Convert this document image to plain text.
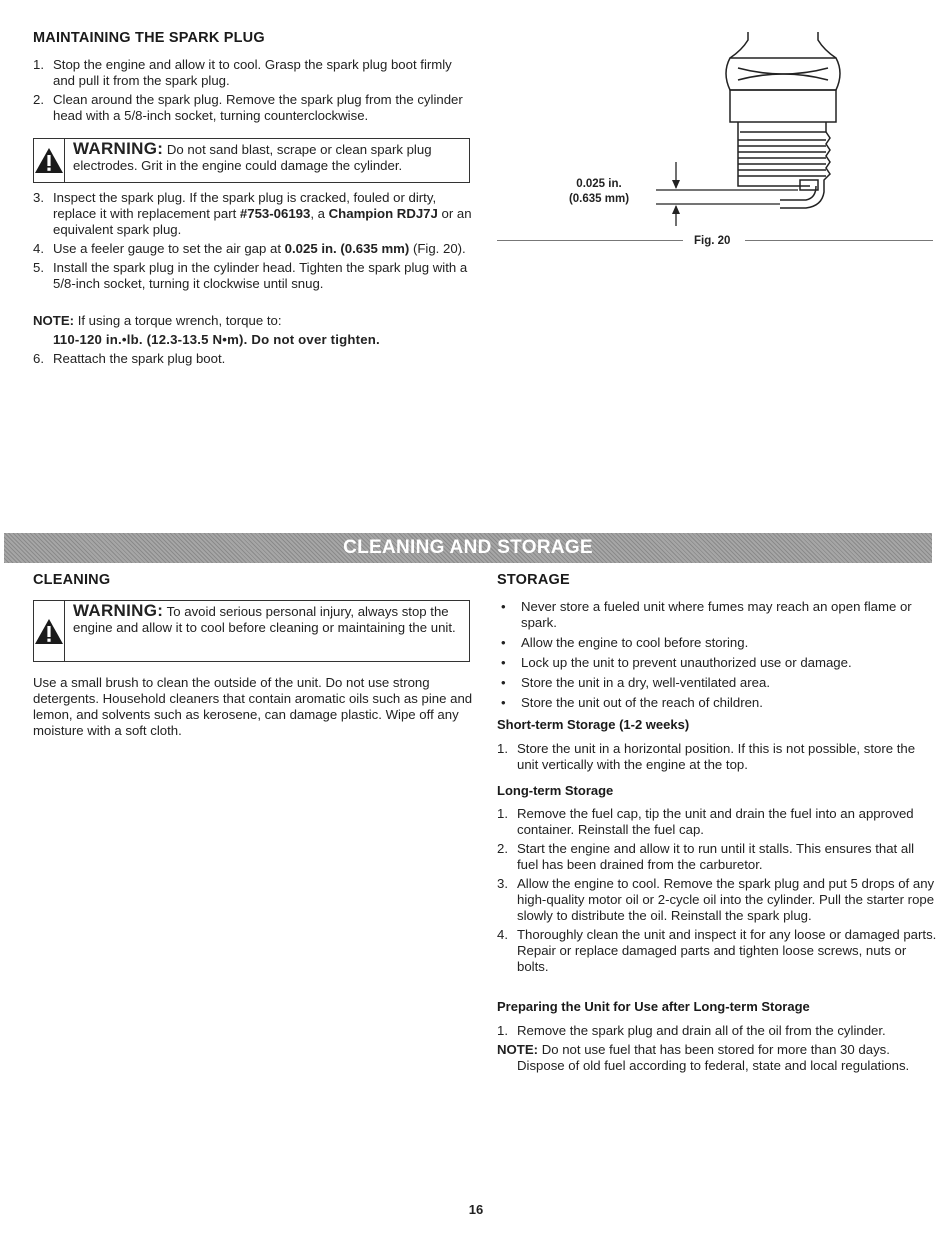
MAINTAINING THE SPARK PLUG
1. Stop the engine and allow it to cool. Grasp the spark plug boot firmly and pull it from the spark plug.
2. Clean around the spark plug. Remove the spark plug from the cylinder head with a 5/8-inch socket, turning counterclockwise.
WARNING: Do not sand blast, scrape or clean spark plug electrodes. Grit in the engine could damage the cylinder.
3. Inspect the spark plug. If the spark plug is cracked, fouled or dirty, replace it with replacement part #753-06193, a Champion RDJ7J or an equivalent spark plug.
4. Use a feeler gauge to set the air gap at 0.025 in. (0.635 mm) (Fig. 20).
5. Install the spark plug in the cylinder head. Tighten the spark plug with a 5/8-inch socket, turning it clockwise until snug.
NOTE: If using a torque wrench, torque to:
110-120 in.•lb. (12.3-13.5 N•m). Do not over tighten.
6. Reattach the spark plug boot.
0.025 in.
(0.635 mm)
Fig. 20
CLEANING AND STORAGE
CLEANING
WARNING: To avoid serious personal injury, always stop the engine and allow it to cool before cleaning or maintaining the unit.

Use a small brush to clean the outside of the unit. Do not use strong detergents. Household cleaners that contain aromatic oils such as pine and lemon, and solvents such as kerosene, can damage plastic. Wipe off any moisture with a soft cloth.

STORAGE
• Never store a fueled unit where fumes may reach an open flame or spark.
• Allow the engine to cool before storing.
• Lock up the unit to prevent unauthorized use or damage.
• Store the unit in a dry, well-ventilated area.
• Store the unit out of the reach of children.
Short-term Storage (1-2 weeks)
1. Store the unit in a horizontal position. If this is not possible, store the unit vertically with the engine at the top.
Long-term Storage
1. Remove the fuel cap, tip the unit and drain the fuel into an approved container. Reinstall the fuel cap.
2. Start the engine and allow it to run until it stalls. This ensures that all fuel has been drained from the carburetor.
3. Allow the engine to cool. Remove the spark plug and put 5 drops of any high-quality motor oil or 2-cycle oil into the cylinder. Pull the starter rope slowly to distribute the oil. Reinstall the spark plug.
4. Thoroughly clean the unit and inspect it for any loose or damaged parts. Repair or replace damaged parts and tighten loose screws, nuts or bolts.
Preparing the Unit for Use after Long-term Storage
1. Remove the spark plug and drain all of the oil from the cylinder.
NOTE: Do not use fuel that has been stored for more than 30 days.
Dispose of old fuel according to federal, state and local regulations.
16
